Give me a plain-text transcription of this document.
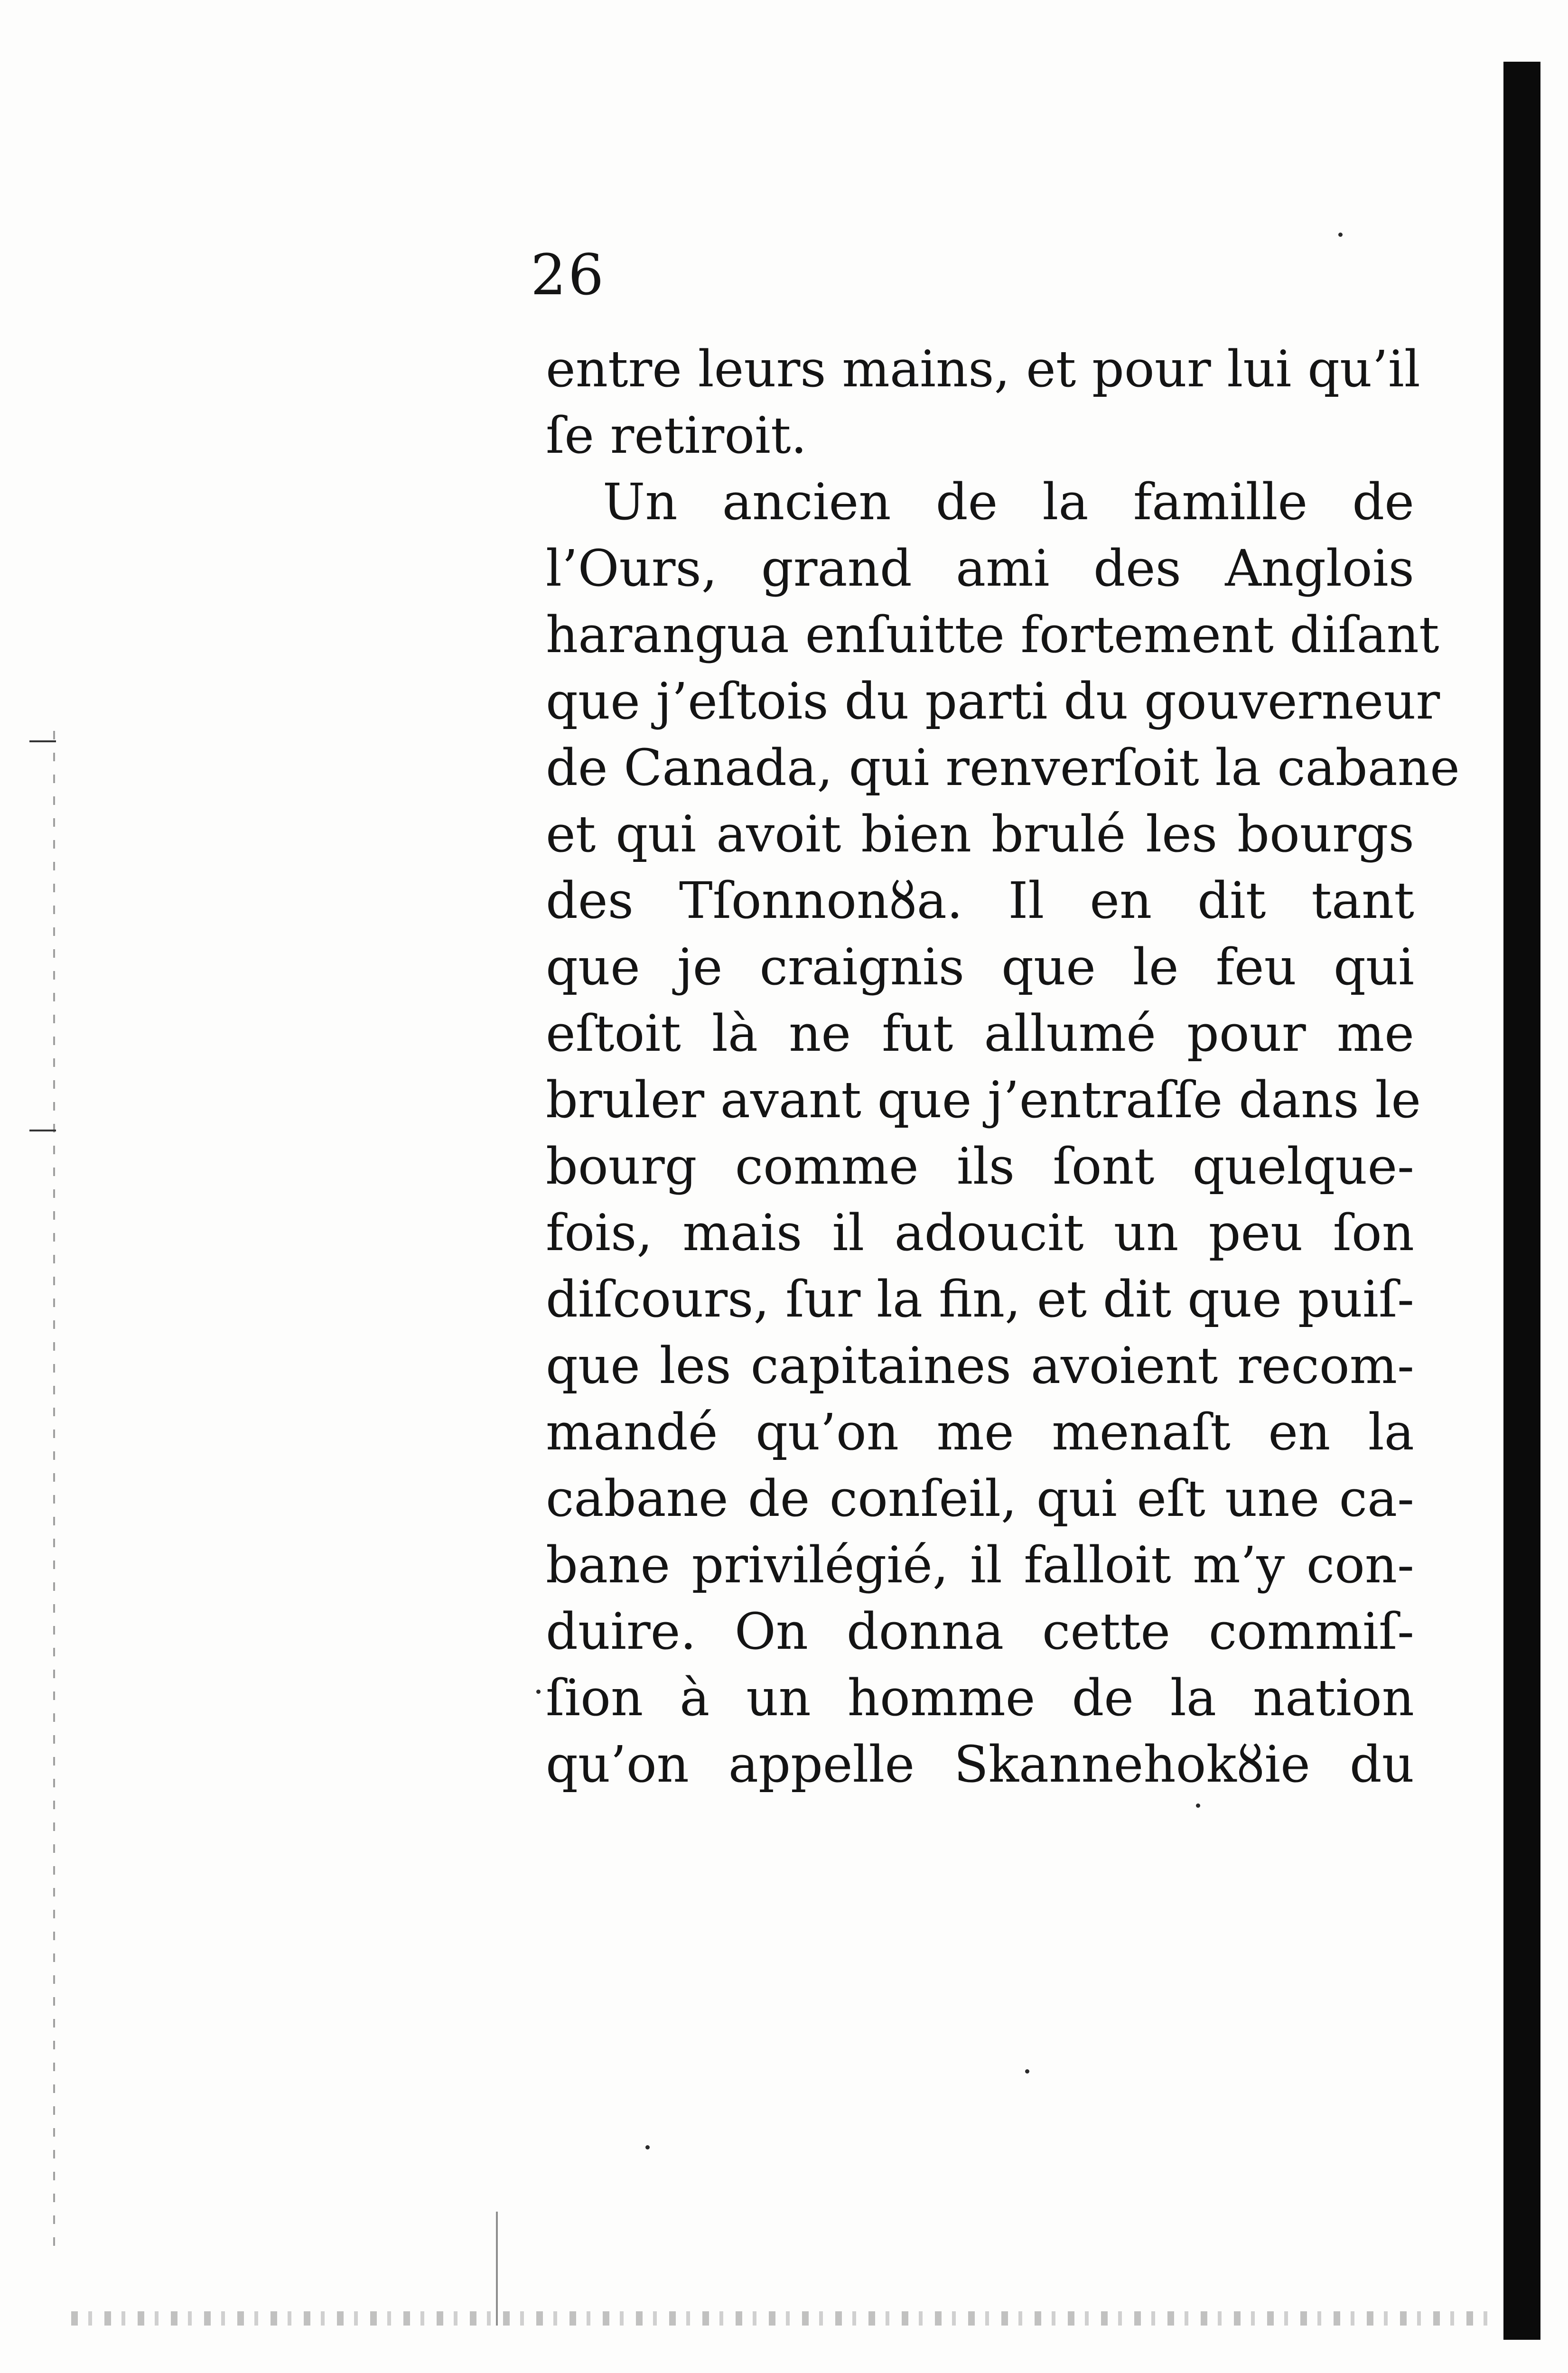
26
entre leurs mains, et pour lui qu’il
ſe retiroit.
Un ancien de la famille de
l’Ours, grand ami des Anglois
harangua enſuitte fortement diſant
que j’eſtois du parti du gouverneur
de Canada, qui renverſoit la cabane
et qui avoit bien brulé les bourgs
des Tſonnonȣa. Il en dit tant
que je craignis que le feu qui
eſtoit là ne fut allumé pour me
bruler avant que j’entraſſe dans le
bourg comme ils ſont quelque-
fois, mais il adoucit un peu ſon
diſcours, ſur la fin, et dit que puiſ-
que les capitaines avoient recom-
mandé qu’on me menaſt en la
cabane de conſeil, qui eſt une ca-
bane privilégié, il falloit m’y con-
duire. On donna cette commiſ-
ſion à un homme de la nation
qu’on appelle Skannehokȣie du
